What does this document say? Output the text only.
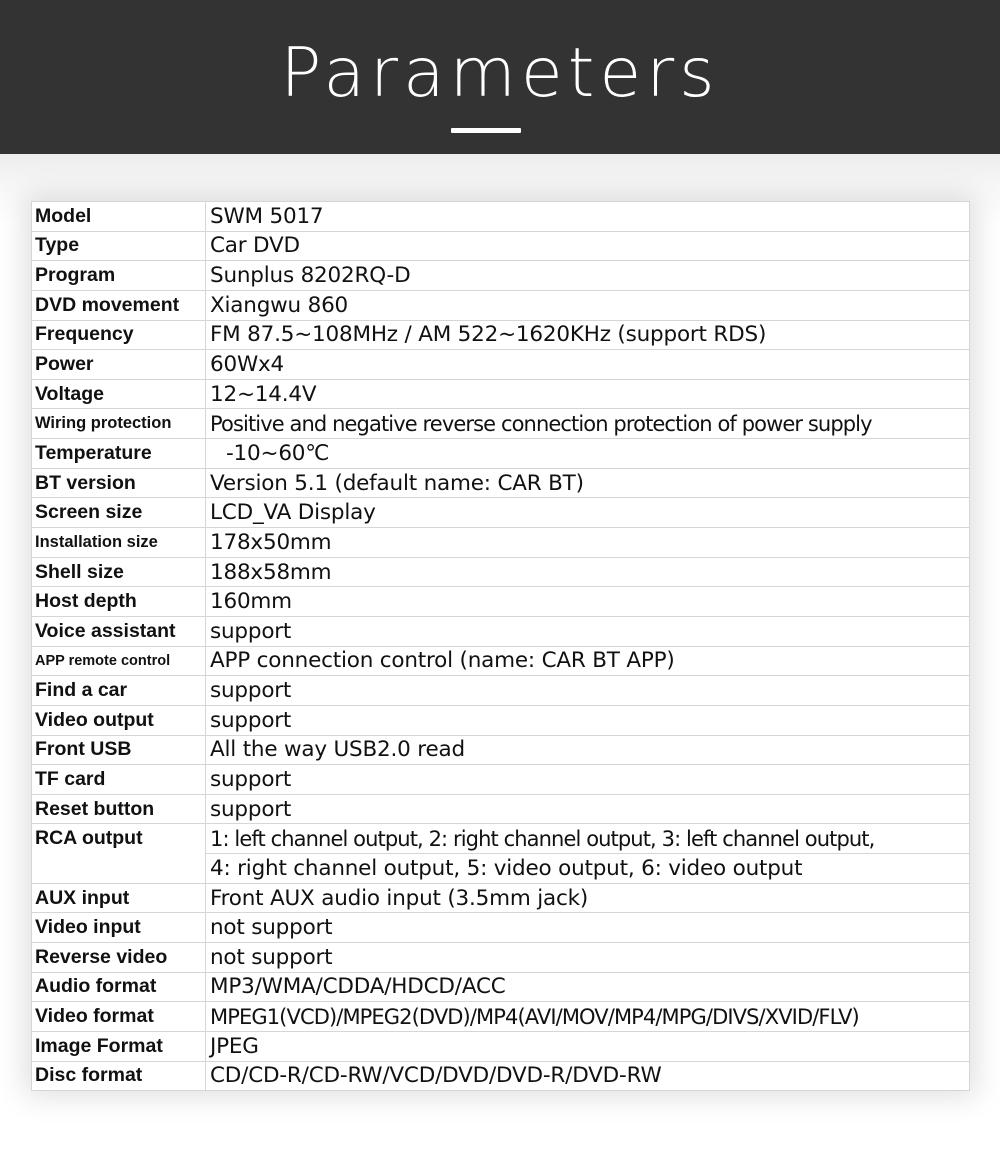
Parameters
Model	SWM 5017
Type	Car DVD
Program	Sunplus 8202RQ-D
DVD movement	Xiangwu 860
Frequency	FM 87.5~108MHz / AM 522~1620KHz (support RDS)
Power	60Wx4
Voltage	12~14.4V
Wiring protection	Positive and negative reverse connection protection of power supply
Temperature	-10~60℃
BT version	Version 5.1 (default name: CAR BT)
Screen size	LCD_VA Display
Installation size	178x50mm
Shell size	188x58mm
Host depth	160mm
Voice assistant	support
APP remote control	APP connection control (name: CAR BT APP)
Find a car	support
Video output	support
Front USB	All the way USB2.0 read
TF card	support
Reset button	support
RCA output	1: left channel output, 2: right channel output, 3: left channel output,
	4: right channel output, 5: video output, 6: video output
AUX input	Front AUX audio input (3.5mm jack)
Video input	not support
Reverse video	not support
Audio format	MP3/WMA/CDDA/HDCD/ACC
Video format	MPEG1(VCD)/MPEG2(DVD)/MP4(AVI/MOV/MP4/MPG/DIVS/XVID/FLV)
Image Format	JPEG
Disc format	CD/CD-R/CD-RW/VCD/DVD/DVD-R/DVD-RW
